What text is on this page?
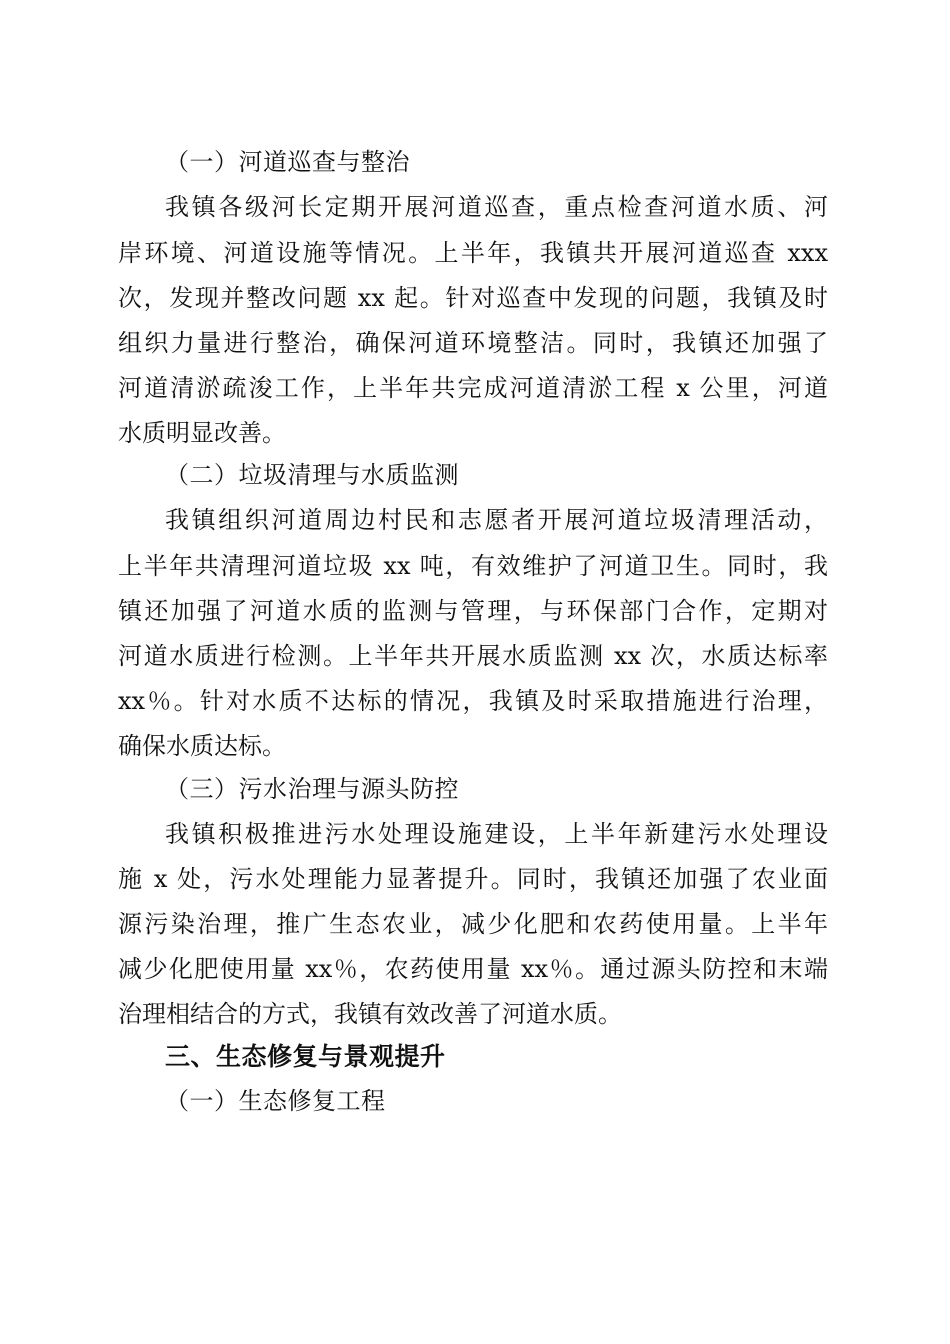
（一）河道巡查与整治
我镇各级河长定期开展河道巡查，重点检查河道水质、河
岸环境、河道设施等情况。上半年，我镇共开展河道巡查 xxx
次，发现并整改问题 xx 起。针对巡查中发现的问题，我镇及时
组织力量进行整治，确保河道环境整洁。同时，我镇还加强了
河道清淤疏浚工作，上半年共完成河道清淤工程 x 公里，河道
水质明显改善。
（二）垃圾清理与水质监测
我镇组织河道周边村民和志愿者开展河道垃圾清理活动，
上半年共清理河道垃圾 xx 吨，有效维护了河道卫生。同时，我
镇还加强了河道水质的监测与管理，与环保部门合作，定期对
河道水质进行检测。上半年共开展水质监测 xx 次，水质达标率
xx％。针对水质不达标的情况，我镇及时采取措施进行治理，
确保水质达标。
（三）污水治理与源头防控
我镇积极推进污水处理设施建设，上半年新建污水处理设
施 x 处，污水处理能力显著提升。同时，我镇还加强了农业面
源污染治理，推广生态农业，减少化肥和农药使用量。上半年
减少化肥使用量 xx％，农药使用量 xx％。通过源头防控和末端
治理相结合的方式，我镇有效改善了河道水质。
三、生态修复与景观提升
（一）生态修复工程
